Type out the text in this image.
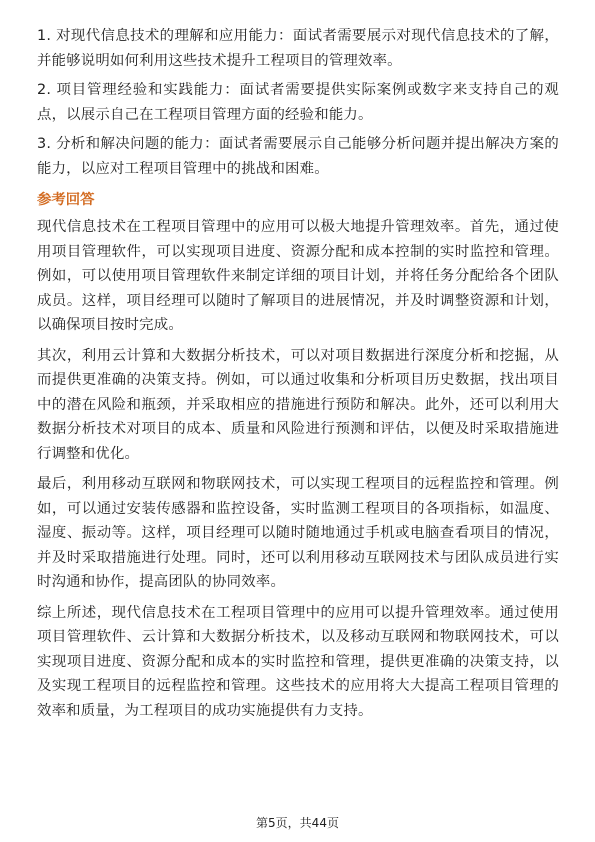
1. 对现代信息技术的理解和应用能力：面试者需要展示对现代信息技术的了解，并能够说明如何利用这些技术提升工程项目的管理效率。

2. 项目管理经验和实践能力：面试者需要提供实际案例或数字来支持自己的观点，以展示自己在工程项目管理方面的经验和能力。

3. 分析和解决问题的能力：面试者需要展示自己能够分析问题并提出解决方案的能力，以应对工程项目管理中的挑战和困难。

参考回答

现代信息技术在工程项目管理中的应用可以极大地提升管理效率。首先，通过使用项目管理软件，可以实现项目进度、资源分配和成本控制的实时监控和管理。例如，可以使用项目管理软件来制定详细的项目计划，并将任务分配给各个团队成员。这样，项目经理可以随时了解项目的进展情况，并及时调整资源和计划，以确保项目按时完成。

其次，利用云计算和大数据分析技术，可以对项目数据进行深度分析和挖掘，从而提供更准确的决策支持。例如，可以通过收集和分析项目历史数据，找出项目中的潜在风险和瓶颈，并采取相应的措施进行预防和解决。此外，还可以利用大数据分析技术对项目的成本、质量和风险进行预测和评估，以便及时采取措施进行调整和优化。

最后，利用移动互联网和物联网技术，可以实现工程项目的远程监控和管理。例如，可以通过安装传感器和监控设备，实时监测工程项目的各项指标，如温度、湿度、振动等。这样，项目经理可以随时随地通过手机或电脑查看项目的情况，并及时采取措施进行处理。同时，还可以利用移动互联网技术与团队成员进行实时沟通和协作，提高团队的协同效率。

综上所述，现代信息技术在工程项目管理中的应用可以提升管理效率。通过使用项目管理软件、云计算和大数据分析技术，以及移动互联网和物联网技术，可以实现项目进度、资源分配和成本的实时监控和管理，提供更准确的决策支持，以及实现工程项目的远程监控和管理。这些技术的应用将大大提高工程项目管理的效率和质量，为工程项目的成功实施提供有力支持。

第5页，共44页
